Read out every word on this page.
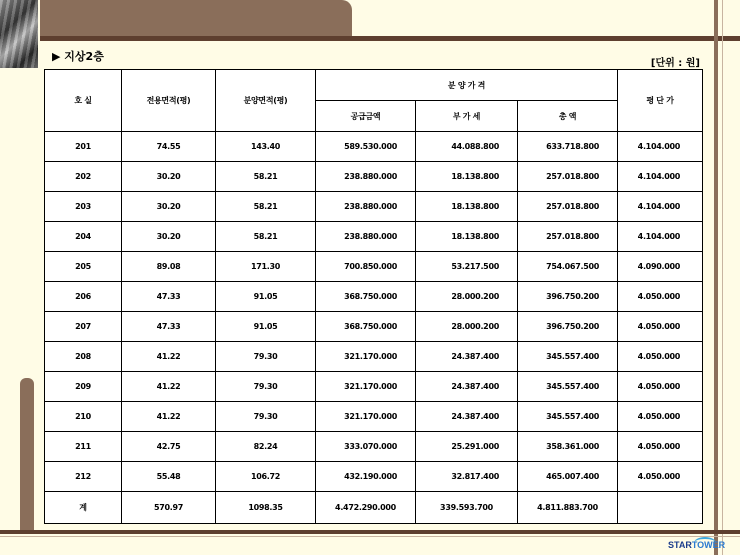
▶ 지상2층
[단위 : 원]
호 실	전용면적(평)	분양면적(평)	분 양 가 격			평 단 가
			공급금액	부 가 세	총 액	
201	74.55	143.40	589.530.000	44.088.800	633.718.800	4.104.000
202	30.20	58.21	238.880.000	18.138.800	257.018.800	4.104.000
203	30.20	58.21	238.880.000	18.138.800	257.018.800	4.104.000
204	30.20	58.21	238.880.000	18.138.800	257.018.800	4.104.000
205	89.08	171.30	700.850.000	53.217.500	754.067.500	4.090.000
206	47.33	91.05	368.750.000	28.000.200	396.750.200	4.050.000
207	47.33	91.05	368.750.000	28.000.200	396.750.200	4.050.000
208	41.22	79.30	321.170.000	24.387.400	345.557.400	4.050.000
209	41.22	79.30	321.170.000	24.387.400	345.557.400	4.050.000
210	41.22	79.30	321.170.000	24.387.400	345.557.400	4.050.000
211	42.75	82.24	333.070.000	25.291.000	358.361.000	4.050.000
212	55.48	106.72	432.190.000	32.817.400	465.007.400	4.050.000
계	570.97	1098.35	4.472.290.000	339.593.700	4.811.883.700	
STARTOWER
